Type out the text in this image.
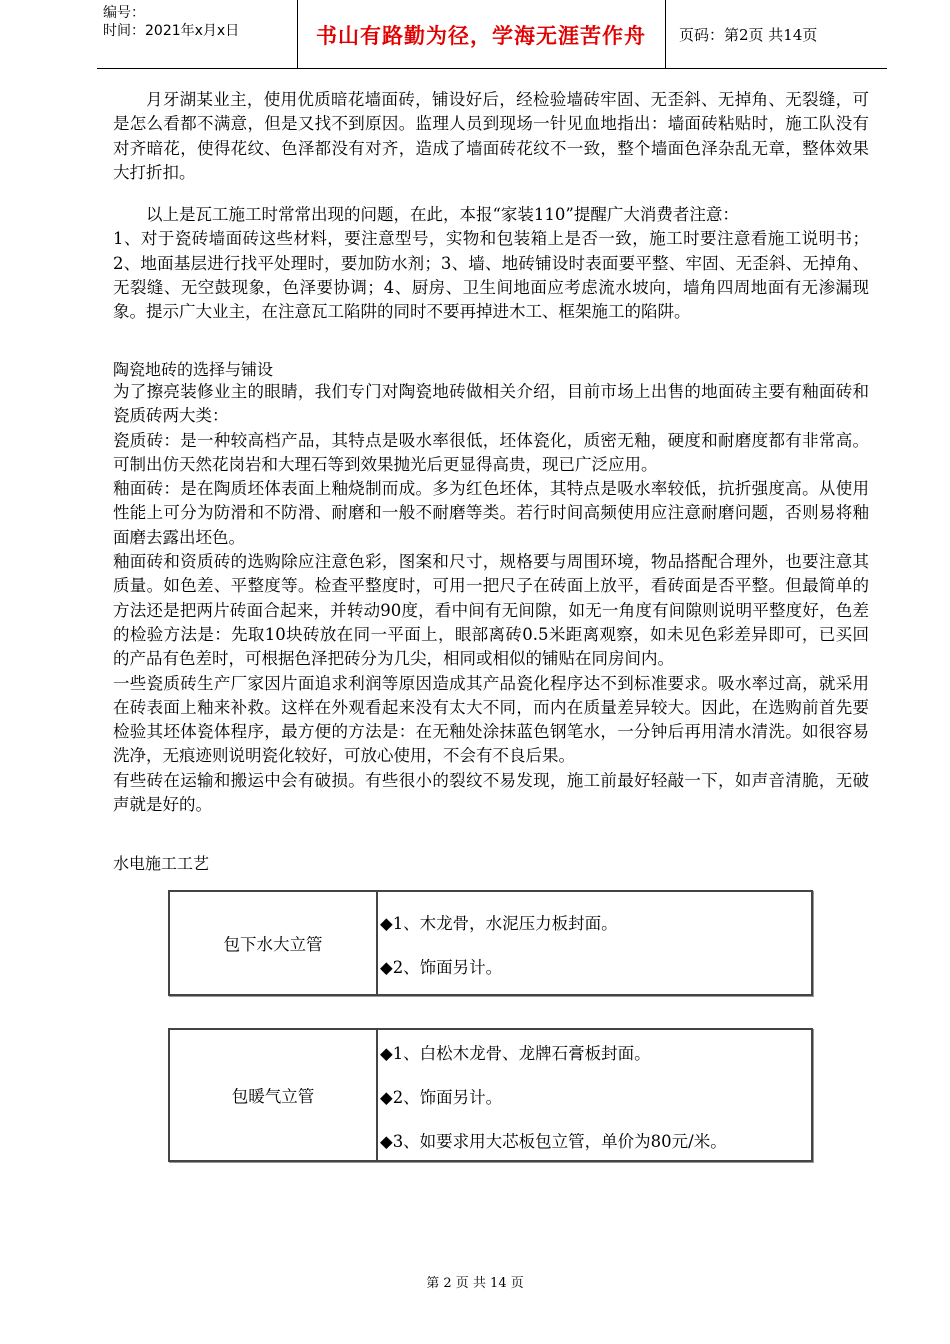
编号：
时间：2021年x月x日	书山有路勤为径，学海无涯苦作舟	页码：第2页 共14页

月牙湖某业主，使用优质暗花墙面砖，铺设好后，经检验墙砖牢固、无歪斜、无掉角、无裂缝，可是怎么看都不满意，但是又找不到原因。监理人员到现场一针见血地指出：墙面砖粘贴时，施工队没有对齐暗花，使得花纹、色泽都没有对齐，造成了墙面砖花纹不一致，整个墙面色泽杂乱无章，整体效果大打折扣。

以上是瓦工施工时常常出现的问题，在此，本报“家装110”提醒广大消费者注意：

1、对于瓷砖墙面砖这些材料，要注意型号，实物和包装箱上是否一致，施工时要注意看施工说明书；2、地面基层进行找平处理时，要加防水剂；3、墙、地砖铺设时表面要平整、牢固、无歪斜、无掉角、无裂缝、无空鼓现象，色泽要协调；4、厨房、卫生间地面应考虑流水坡向，墙角四周地面有无渗漏现象。提示广大业主，在注意瓦工陷阱的同时不要再掉进木工、框架施工的陷阱。

陶瓷地砖的选择与铺设

为了擦亮装修业主的眼睛，我们专门对陶瓷地砖做相关介绍，目前市场上出售的地面砖主要有釉面砖和瓷质砖两大类：

瓷质砖：是一种较高档产品，其特点是吸水率很低，坯体瓷化，质密无釉，硬度和耐磨度都有非常高。可制出仿天然花岗岩和大理石等到效果抛光后更显得高贵，现已广泛应用。

釉面砖：是在陶质坯体表面上釉烧制而成。多为红色坯体，其特点是吸水率较低，抗折强度高。从使用性能上可分为防滑和不防滑、耐磨和一般不耐磨等类。若行时间高频使用应注意耐磨问题，否则易将釉面磨去露出坯色。

釉面砖和资质砖的选购除应注意色彩，图案和尺寸，规格要与周围环境，物品搭配合理外，也要注意其质量。如色差、平整度等。检查平整度时，可用一把尺子在砖面上放平，看砖面是否平整。但最简单的方法还是把两片砖面合起来，并转动90度，看中间有无间隙，如无一角度有间隙则说明平整度好，色差的检验方法是：先取10块砖放在同一平面上，眼部离砖0.5米距离观察，如未见色彩差异即可，已买回的产品有色差时，可根据色泽把砖分为几尖，相同或相似的铺贴在同房间内。

一些瓷质砖生产厂家因片面追求利润等原因造成其产品瓷化程序达不到标准要求。吸水率过高，就采用在砖表面上釉来补救。这样在外观看起来没有太大不同，而内在质量差异较大。因此，在选购前首先要检验其坯体瓷体程序，最方便的方法是：在无釉处涂抹蓝色钢笔水，一分钟后再用清水清洗。如很容易洗净，无痕迹则说明瓷化较好，可放心使用，不会有不良后果。

有些砖在运输和搬运中会有破损。有些很小的裂纹不易发现，施工前最好轻敲一下，如声音清脆，无破声就是好的。

水电施工工艺
包下水大立管
◆1、木龙骨，水泥压力板封面。
◆2、饰面另计。
包暖气立管
◆1、白松木龙骨、龙牌石膏板封面。
◆2、饰面另计。
◆3、如要求用大芯板包立管，单价为80元/米。
第 2 页 共 14 页
